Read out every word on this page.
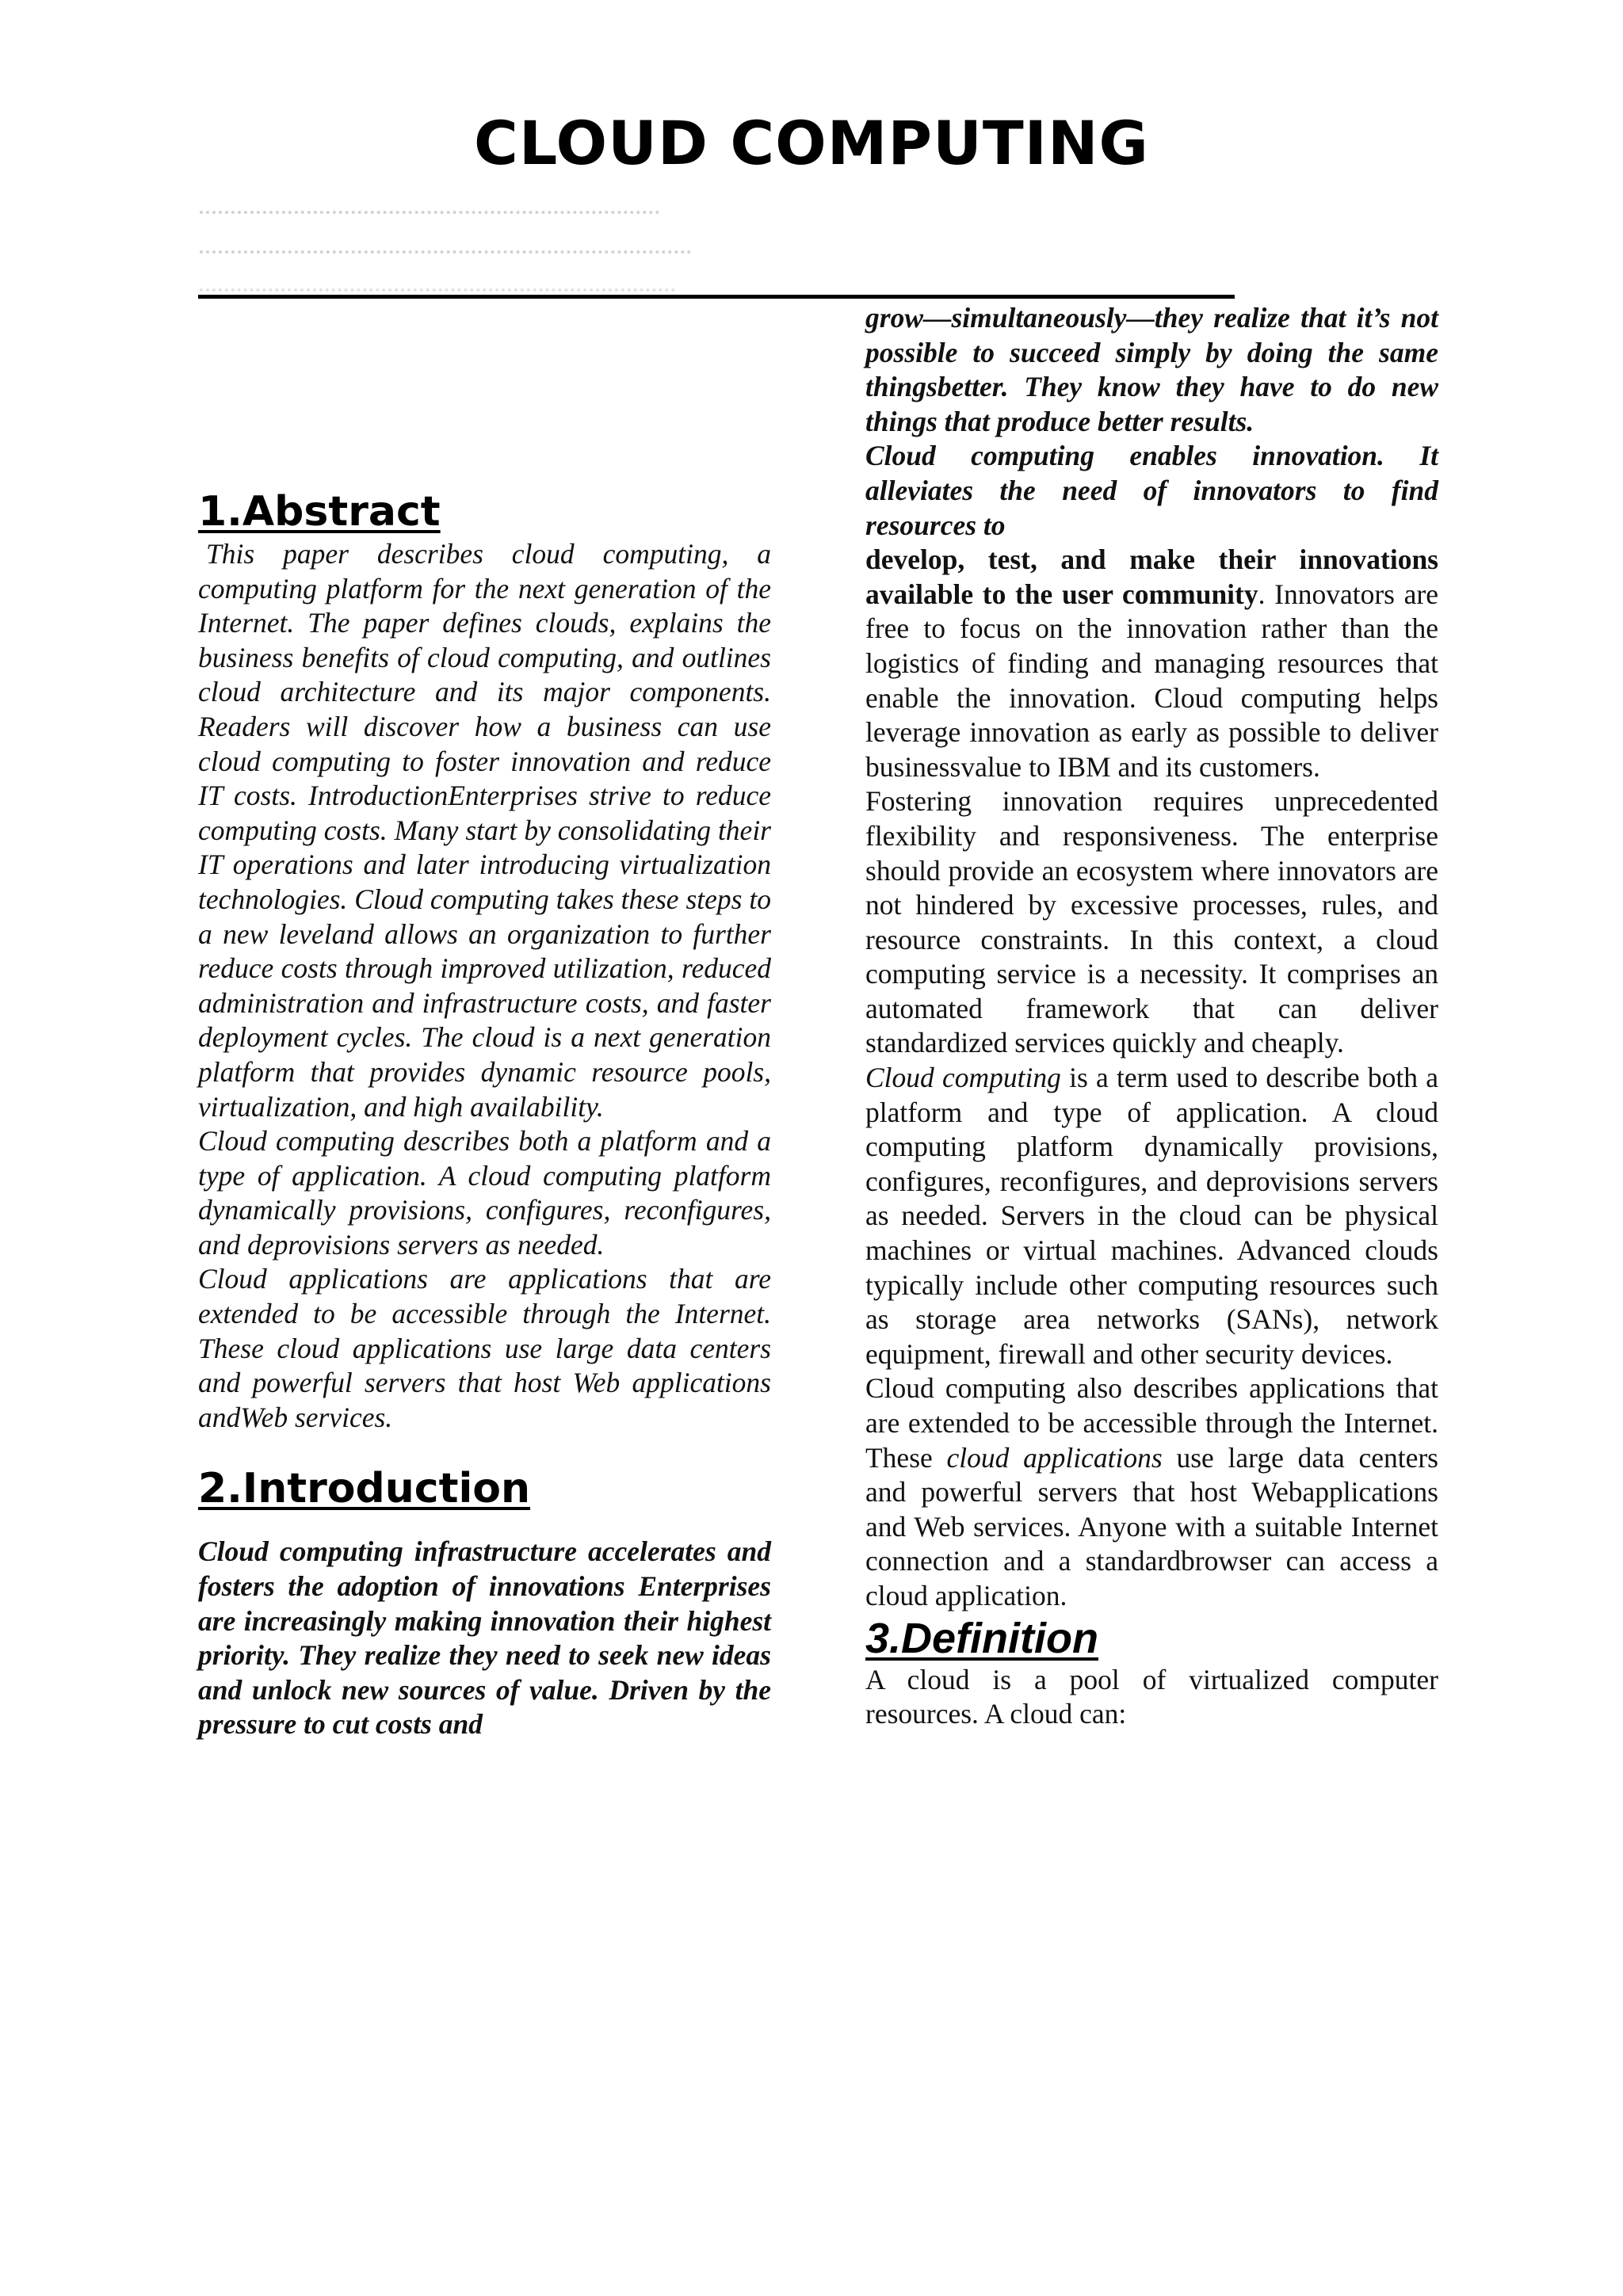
CLOUD COMPUTING
1.Abstract

This paper describes cloud computing, a computing platform for the next generation of the Internet. The paper defines clouds, explains the business benefits of cloud computing, and outlines cloud architecture and its major components. Readers will discover how a business can use cloud computing to foster innovation and reduce IT costs. IntroductionEnterprises strive to reduce computing costs. Many start by consolidating their IT operations and later introducing virtualization technologies. Cloud computing takes these steps to a new leveland allows an organization to further reduce costs through improved utilization, reduced administration and infrastructure costs, and faster deployment cycles. The cloud is a next generation platform that provides dynamic resource pools, virtualization, and high availability.

Cloud computing describes both a platform and a type of application. A cloud computing platform dynamically provisions, configures, reconfigures, and deprovisions servers as needed.

Cloud applications are applications that are extended to be accessible through the Internet. These cloud applications use large data centers and powerful servers that host Web applications andWeb services.

2.Introduction

Cloud computing infrastructure accelerates and fosters the adoption of innovations Enterprises are increasingly making innovation their highest priority. They realize they need to seek new ideas and unlock new sources of value. Driven by the pressure to cut costs and

grow—simultaneously—they realize that it’s not possible to succeed simply by doing the same thingsbetter. They know they have to do new things that produce better results.

Cloud computing enables innovation. It alleviates the need of innovators to find resources to
develop, test, and make their innovations available to the user community. Innovators are free to focus on the innovation rather than the logistics of finding and managing resources that enable the innovation. Cloud computing helps leverage innovation as early as possible to deliver businessvalue to IBM and its customers.

Fostering innovation requires unprecedented flexibility and responsiveness. The enterprise should provide an ecosystem where innovators are not hindered by excessive processes, rules, and resource constraints. In this context, a cloud computing service is a necessity. It comprises an automated framework that can deliver standardized services quickly and cheaply.

Cloud computing is a term used to describe both a platform and type of application. A cloud computing platform dynamically provisions, configures, reconfigures, and deprovisions servers as needed. Servers in the cloud can be physical machines or virtual machines. Advanced clouds typically include other computing resources such as storage area networks (SANs), network equipment, firewall and other security devices.

Cloud computing also describes applications that are extended to be accessible through the Internet. These cloud applications use large data centers and powerful servers that host Webapplications and Web services. Anyone with a suitable Internet connection and a standardbrowser can access a cloud application.

3.Definition

A cloud is a pool of virtualized computer resources. A cloud can:
